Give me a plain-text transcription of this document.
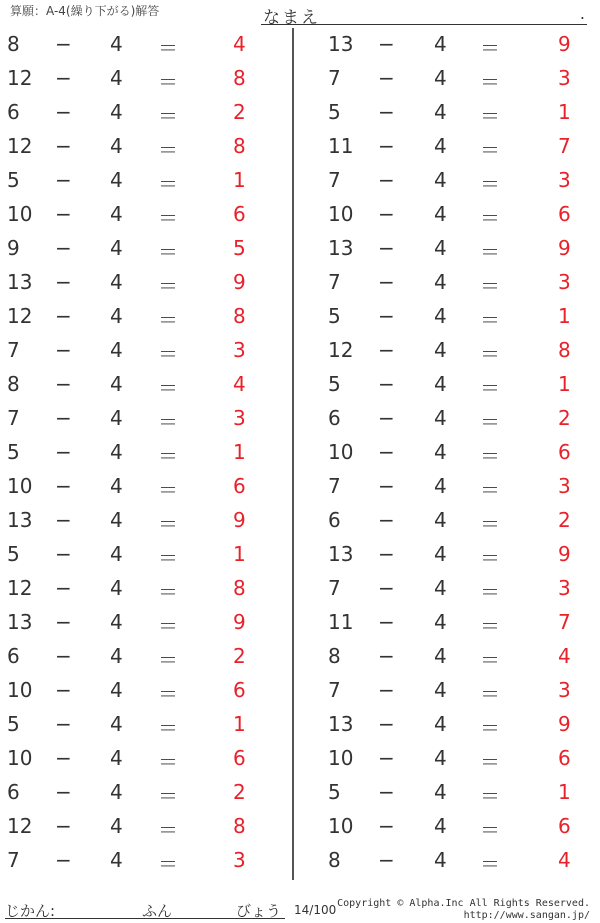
算願：A-4(繰り下がる)解答	なまえ	.
8 − 4 ＝	4
12 − 4 ＝	8
6 − 4 ＝	2
12 − 4 ＝	8
5 − 4 ＝	1
10 − 4 ＝	6
9 − 4 ＝	5
13 − 4 ＝	9
12 − 4 ＝	8
7 − 4 ＝	3
8 − 4 ＝	4
7 − 4 ＝	3
5 − 4 ＝	1
10 − 4 ＝	6
13 − 4 ＝	9
5 − 4 ＝	1
12 − 4 ＝	8
13 − 4 ＝	9
6 − 4 ＝	2
10 − 4 ＝	6
5 − 4 ＝	1
10 − 4 ＝	6
6 − 4 ＝	2
12 − 4 ＝	8
7 − 4 ＝	3
13 − 4 ＝	9
7 − 4 ＝	3
5 − 4 ＝	1
11 − 4 ＝	7
7 − 4 ＝	3
10 − 4 ＝	6
13 − 4 ＝	9
7 − 4 ＝	3
5 − 4 ＝	1
12 − 4 ＝	8
5 − 4 ＝	1
6 − 4 ＝	2
10 − 4 ＝	6
7 − 4 ＝	3
6 − 4 ＝	2
13 − 4 ＝	9
7 − 4 ＝	3
11 − 4 ＝	7
8 − 4 ＝	4
7 − 4 ＝	3
13 − 4 ＝	9
10 − 4 ＝	6
5 − 4 ＝	1
10 − 4 ＝	6
8 − 4 ＝	4
じかん:	ふん	びょう 14/100 Copyright © Alpha.Inc All Rights Reserved.
http://www.sangan.jp/
